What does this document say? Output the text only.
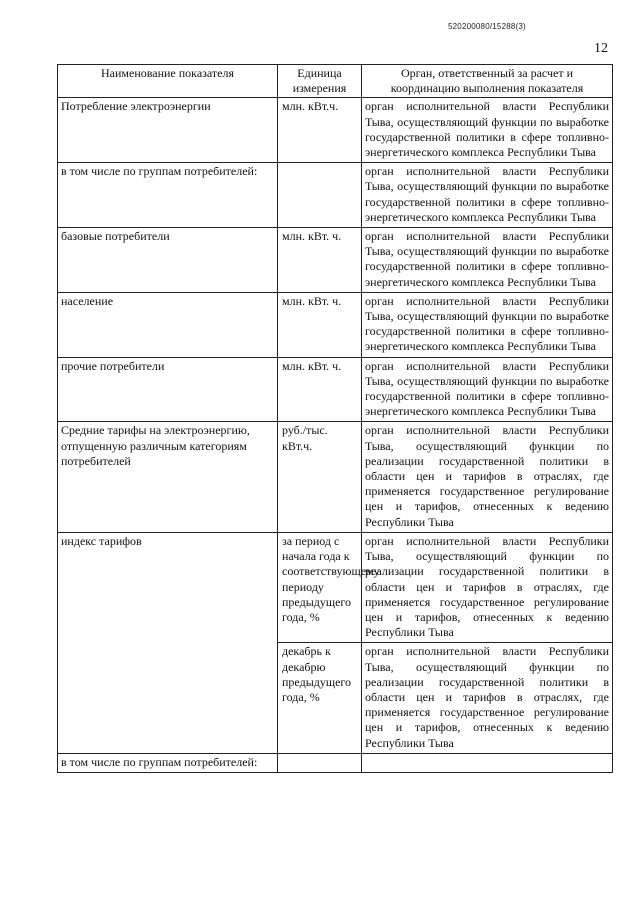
520200080/15288(3)
12
Наименование показателя	Единица измерения	Орган, ответственный за расчет и координацию выполнения показателя
Потребление электроэнергии	млн. кВт.ч.	орган исполнительной власти Республики Тыва, осуществляющий функции по выработке государственной политики в сфере топливно-энергетического комплекса Республики Тыва
в том числе по группам потребителей:		орган исполнительной власти Республики Тыва, осуществляющий функции по выработке государственной политики в сфере топливно-энергетического комплекса Республики Тыва
базовые потребители	млн. кВт. ч.	орган исполнительной власти Республики Тыва, осуществляющий функции по выработке государственной политики в сфере топливно-энергетического комплекса Республики Тыва
население	млн. кВт. ч.	орган исполнительной власти Республики Тыва, осуществляющий функции по выработке государственной политики в сфере топливно-энергетического комплекса Республики Тыва
прочие потребители	млн. кВт. ч.	орган исполнительной власти Республики Тыва, осуществляющий функции по выработке государственной политики в сфере топливно-энергетического комплекса Республики Тыва
Средние тарифы на электроэнергию, отпущенную различным категориям потребителей	руб./тыс. кВт.ч.	орган исполнительной власти Республики Тыва, осуществляющий функции по реализации государственной политики в области цен и тарифов в отраслях, где применяется государственное регулирование цен и тарифов, отнесенных к ведению Республики Тыва
индекс тарифов	за период с начала года к соответствующему периоду предыдущего года, %	орган исполнительной власти Республики Тыва, осуществляющий функции по реализации государственной политики в области цен и тарифов в отраслях, где применяется государственное регулирование цен и тарифов, отнесенных к ведению Республики Тыва
	декабрь к декабрю предыдущего года, %	орган исполнительной власти Республики Тыва, осуществляющий функции по реализации государственной политики в области цен и тарифов в отраслях, где применяется государственное регулирование цен и тарифов, отнесенных к ведению Республики Тыва
в том числе по группам потребителей:		
